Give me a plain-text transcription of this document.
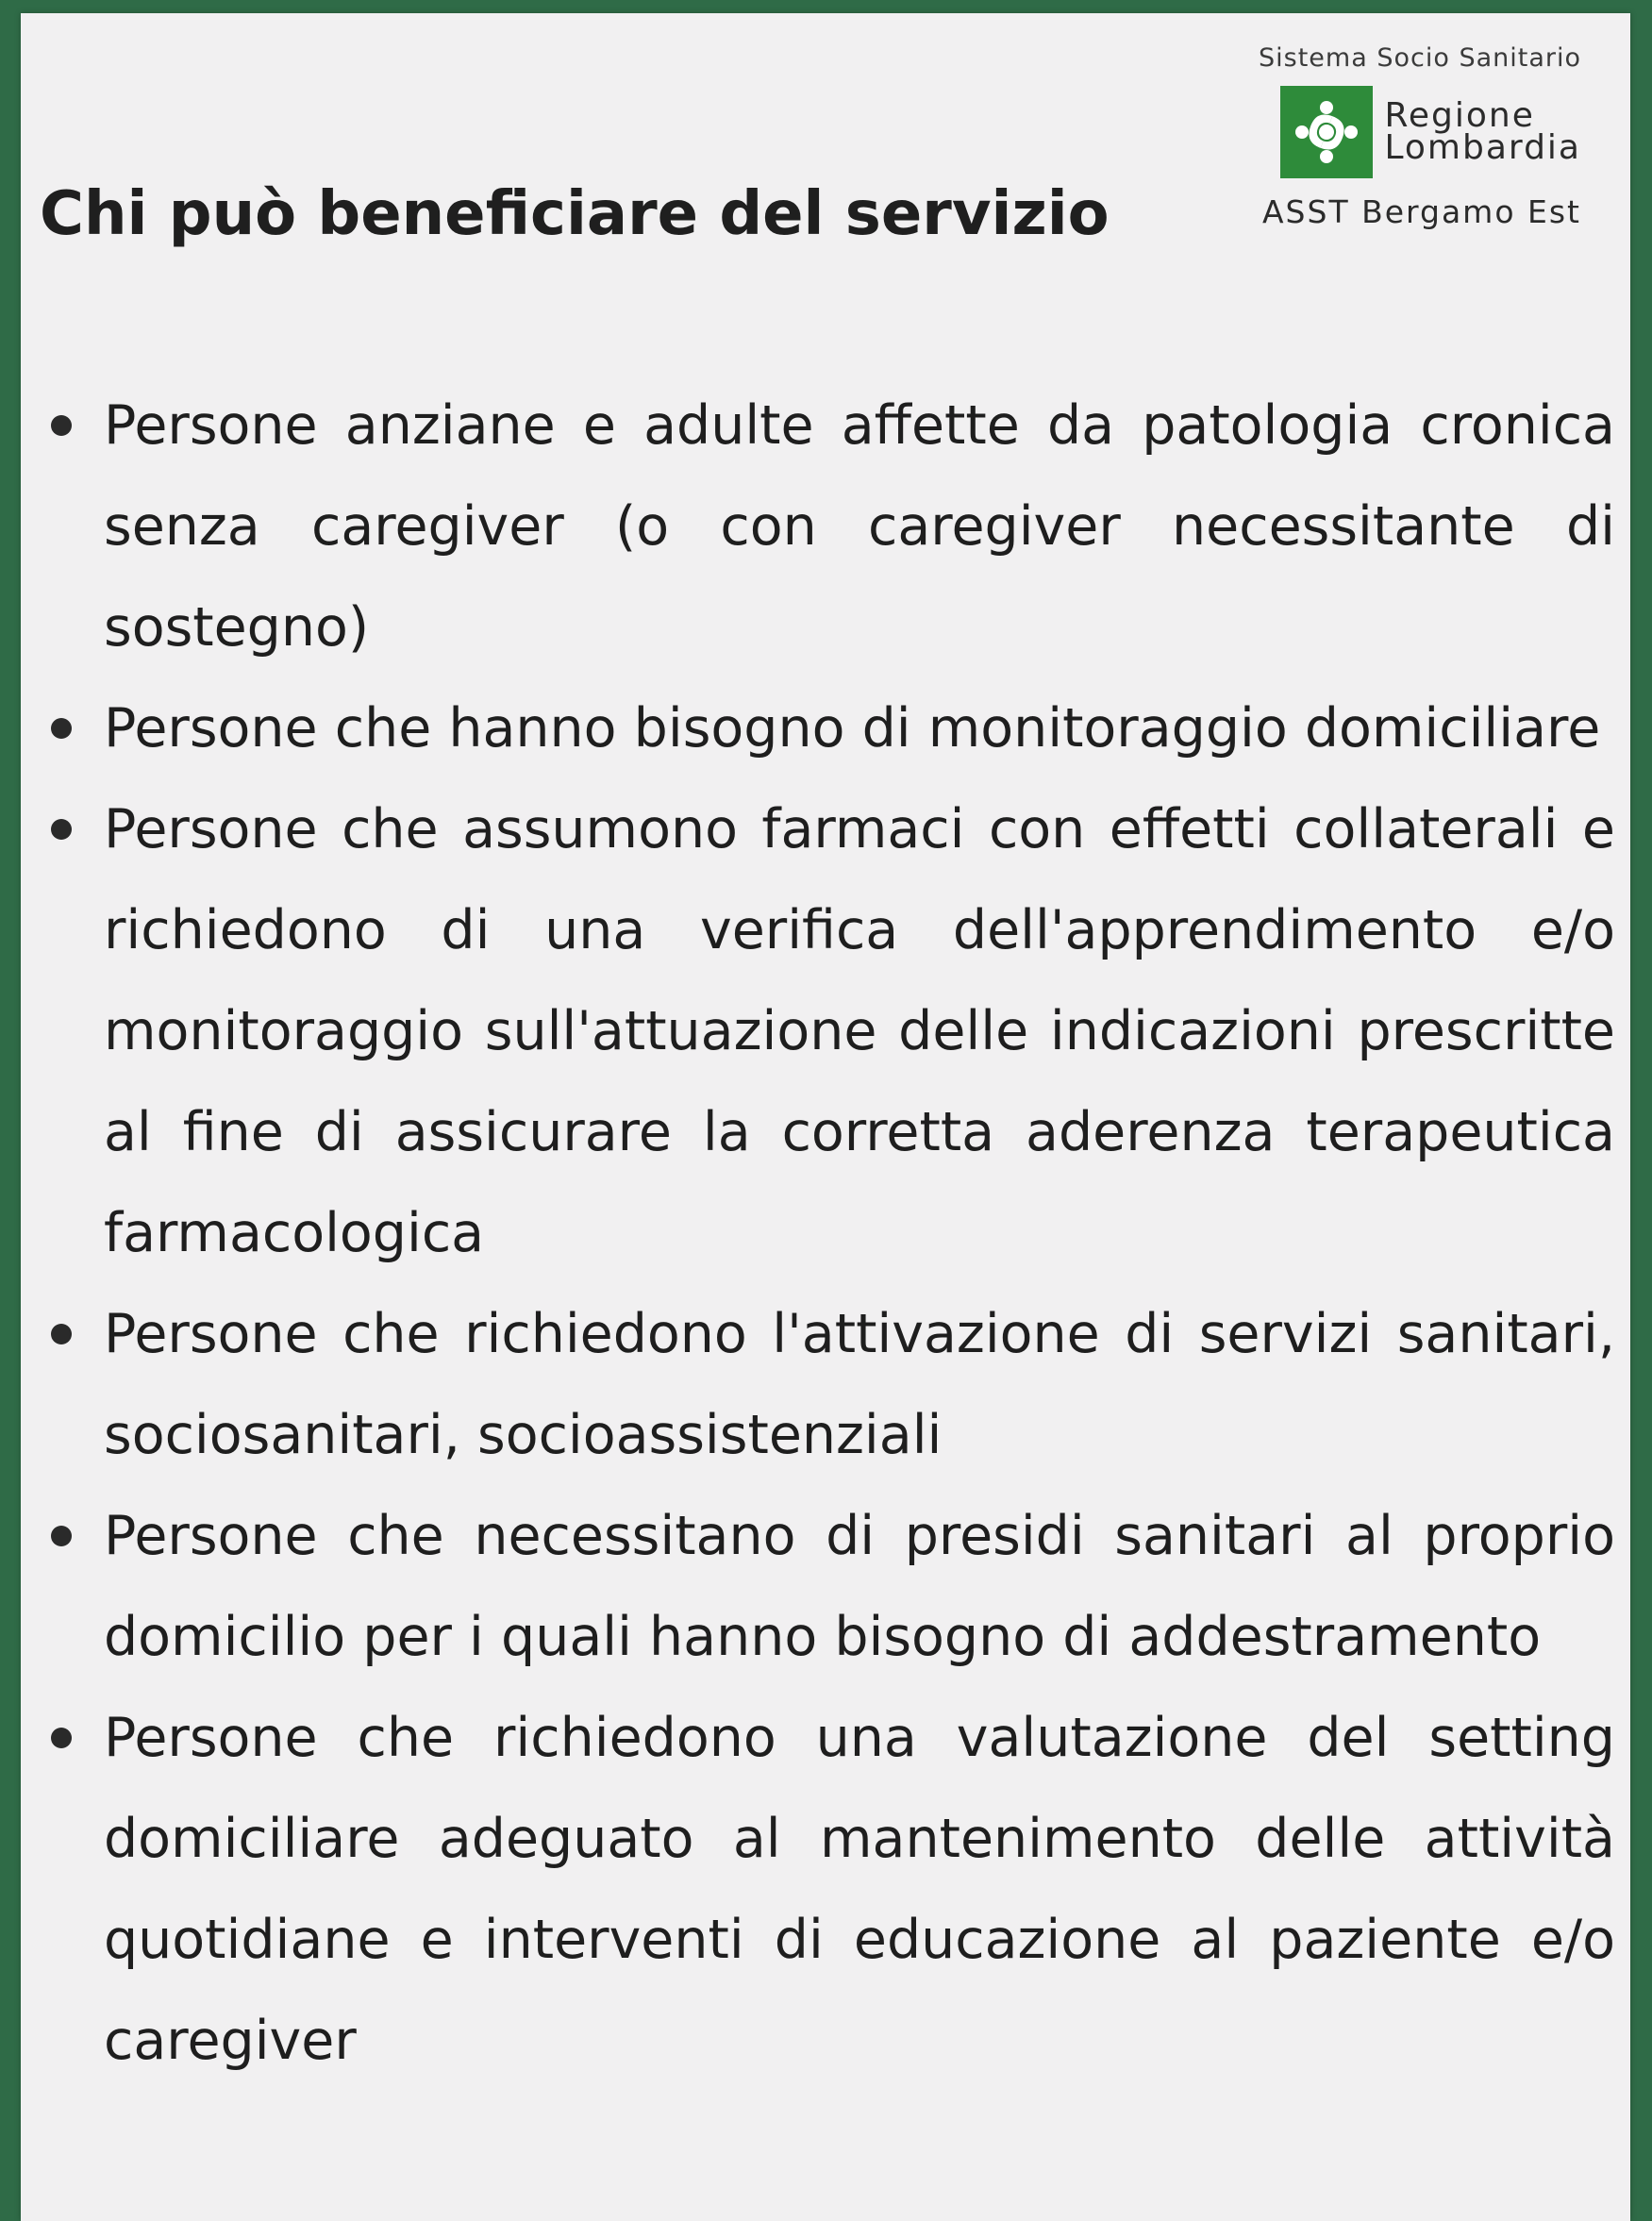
Sistema Socio Sanitario
Regione
Lombardia
ASST Bergamo Est
Chi può beneficiare del servizio
Persone anziane e adulte affette da patologia cronica senza caregiver (o con caregiver necessitante di sostegno)
Persone che hanno bisogno di monitoraggio domiciliare
Persone che assumono farmaci con effetti collaterali e richiedono di una verifica dell'apprendimento e/o monitoraggio sull'attuazione delle indicazioni prescritte al fine di assicurare la corretta aderenza terapeutica farmacologica
Persone che richiedono l'attivazione di servizi sanitari, sociosanitari, socioassistenziali
Persone che necessitano di presidi sanitari al proprio domicilio per i quali hanno bisogno di addestramento
Persone che richiedono una valutazione del setting domiciliare adeguato al mantenimento delle attività quotidiane e interventi di educazione al paziente e/o caregiver
